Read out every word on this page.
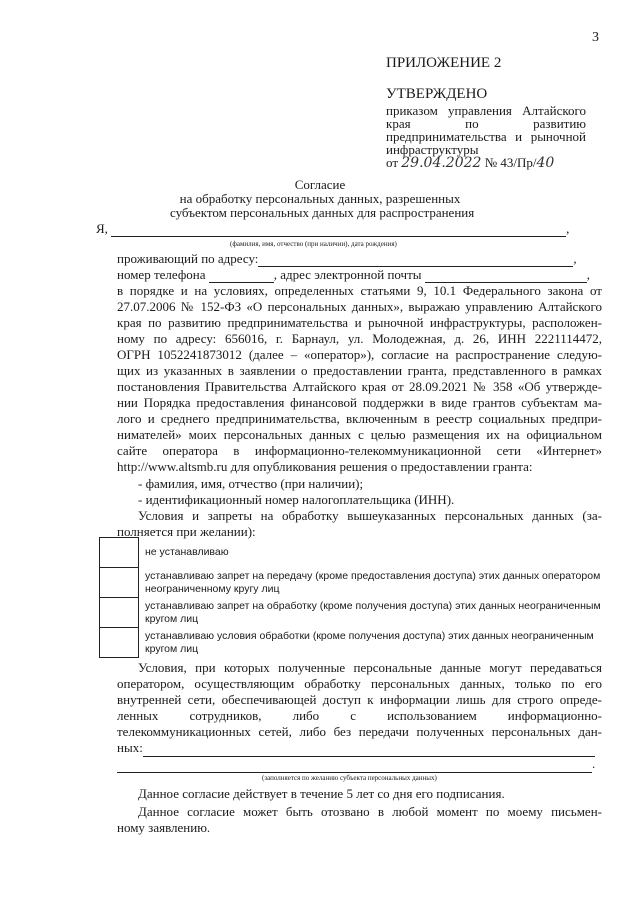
3
ПРИЛОЖЕНИЕ 2
УТВЕРЖДЕНО
приказом управления Алтайского края по развитию предпринимательства и рыночной инфраструктуры
от 29.04.2022 № 43/Пр/40
Согласие
на обработку персональных данных, разрешенных
субъектом персональных данных для распространения
Я,	,
(фамилия, имя, отчество (при наличии), дата рождения)
проживающий по адресу:	,
номер телефона	, адрес электронной почты	,
в порядке и на условиях, определенных статьями 9, 10.1 Федерального закона от
27.07.2006 № 152-ФЗ «О персональных данных», выражаю управлению Алтайского
края по развитию предпринимательства и рыночной инфраструктуры, расположен-
ному по адресу: 656016, г. Барнаул, ул. Молодежная, д. 26, ИНН 2221114472,
ОГРН 1052241873012 (далее – «оператор»), согласие на распространение следую-
щих из указанных в заявлении о предоставлении гранта, представленного в рамках
постановления Правительства Алтайского края от 28.09.2021 № 358 «Об утвержде-
нии Порядка предоставления финансовой поддержки в виде грантов субъектам ма-
лого и среднего предпринимательства, включенным в реестр социальных предпри-
нимателей» моих персональных данных с целью размещения их на официальном
сайте оператора в информационно-телекоммуникационной сети «Интернет»
http://www.altsmb.ru для опубликования решения о предоставлении гранта:
- фамилия, имя, отчество (при наличии);
- идентификационный номер налогоплательщика (ИНН).
Условия и запреты на обработку вышеуказанных персональных данных (за-
полняется при желании):
	не устанавливаю
	устанавливаю запрет на передачу (кроме предоставления доступа) этих данных оператором неограниченному кругу лиц
	устанавливаю запрет на обработку (кроме получения доступа) этих данных неограниченным кругом лиц
	устанавливаю условия обработки (кроме получения доступа) этих данных неограниченным кругом лиц
Условия, при которых полученные персональные данные могут передаваться
оператором, осуществляющим обработку персональных данных, только по его
внутренней сети, обеспечивающей доступ к информации лишь для строго опреде-
ленных сотрудников, либо с использованием информационно-
телекоммуникационных сетей, либо без передачи полученных персональных дан-
ных:
.
(заполняется по желанию субъекта персональных данных)
Данное согласие действует в течение 5 лет со дня его подписания.
Данное согласие может быть отозвано в любой момент по моему письмен-
ному заявлению.
